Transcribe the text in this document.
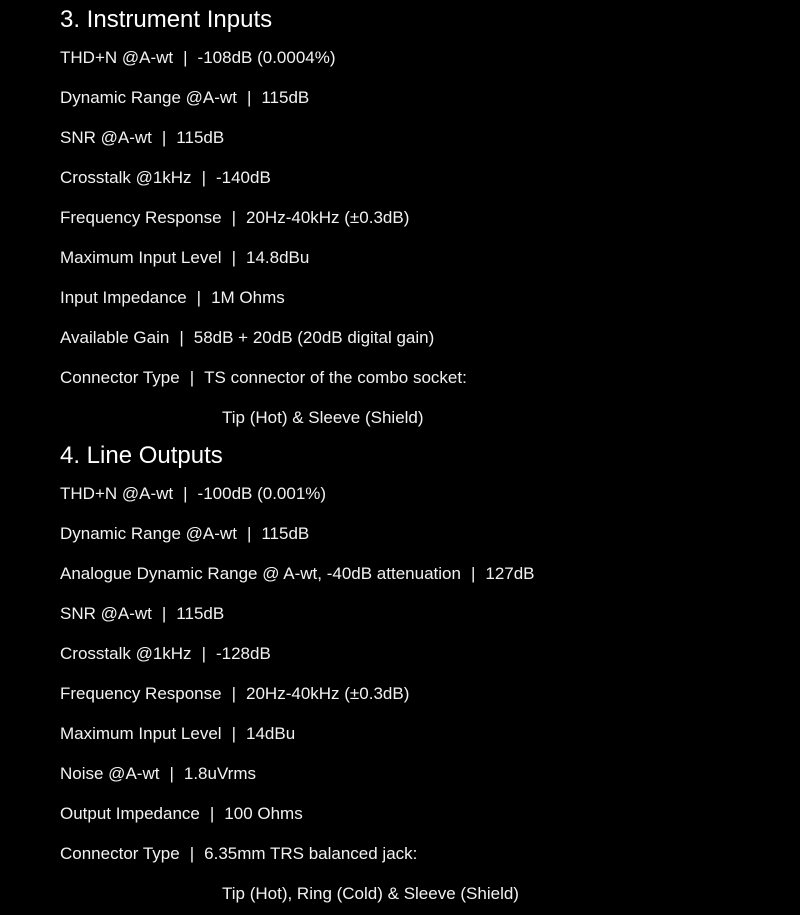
3. Instrument Inputs
THD+N @A-wt | -108dB (0.0004%)
Dynamic Range @A-wt | 115dB
SNR @A-wt | 115dB
Crosstalk @1kHz | -140dB
Frequency Response | 20Hz-40kHz (±0.3dB)
Maximum Input Level | 14.8dBu
Input Impedance | 1M Ohms
Available Gain | 58dB + 20dB (20dB digital gain)
Connector Type | TS connector of the combo socket:
Tip (Hot) & Sleeve (Shield)
4. Line Outputs
THD+N @A-wt | -100dB (0.001%)
Dynamic Range @A-wt | 115dB
Analogue Dynamic Range @ A-wt, -40dB attenuation | 127dB
SNR @A-wt | 115dB
Crosstalk @1kHz | -128dB
Frequency Response | 20Hz-40kHz (±0.3dB)
Maximum Input Level | 14dBu
Noise @A-wt | 1.8uVrms
Output Impedance | 100 Ohms
Connector Type | 6.35mm TRS balanced jack:
Tip (Hot), Ring (Cold) & Sleeve (Shield)
